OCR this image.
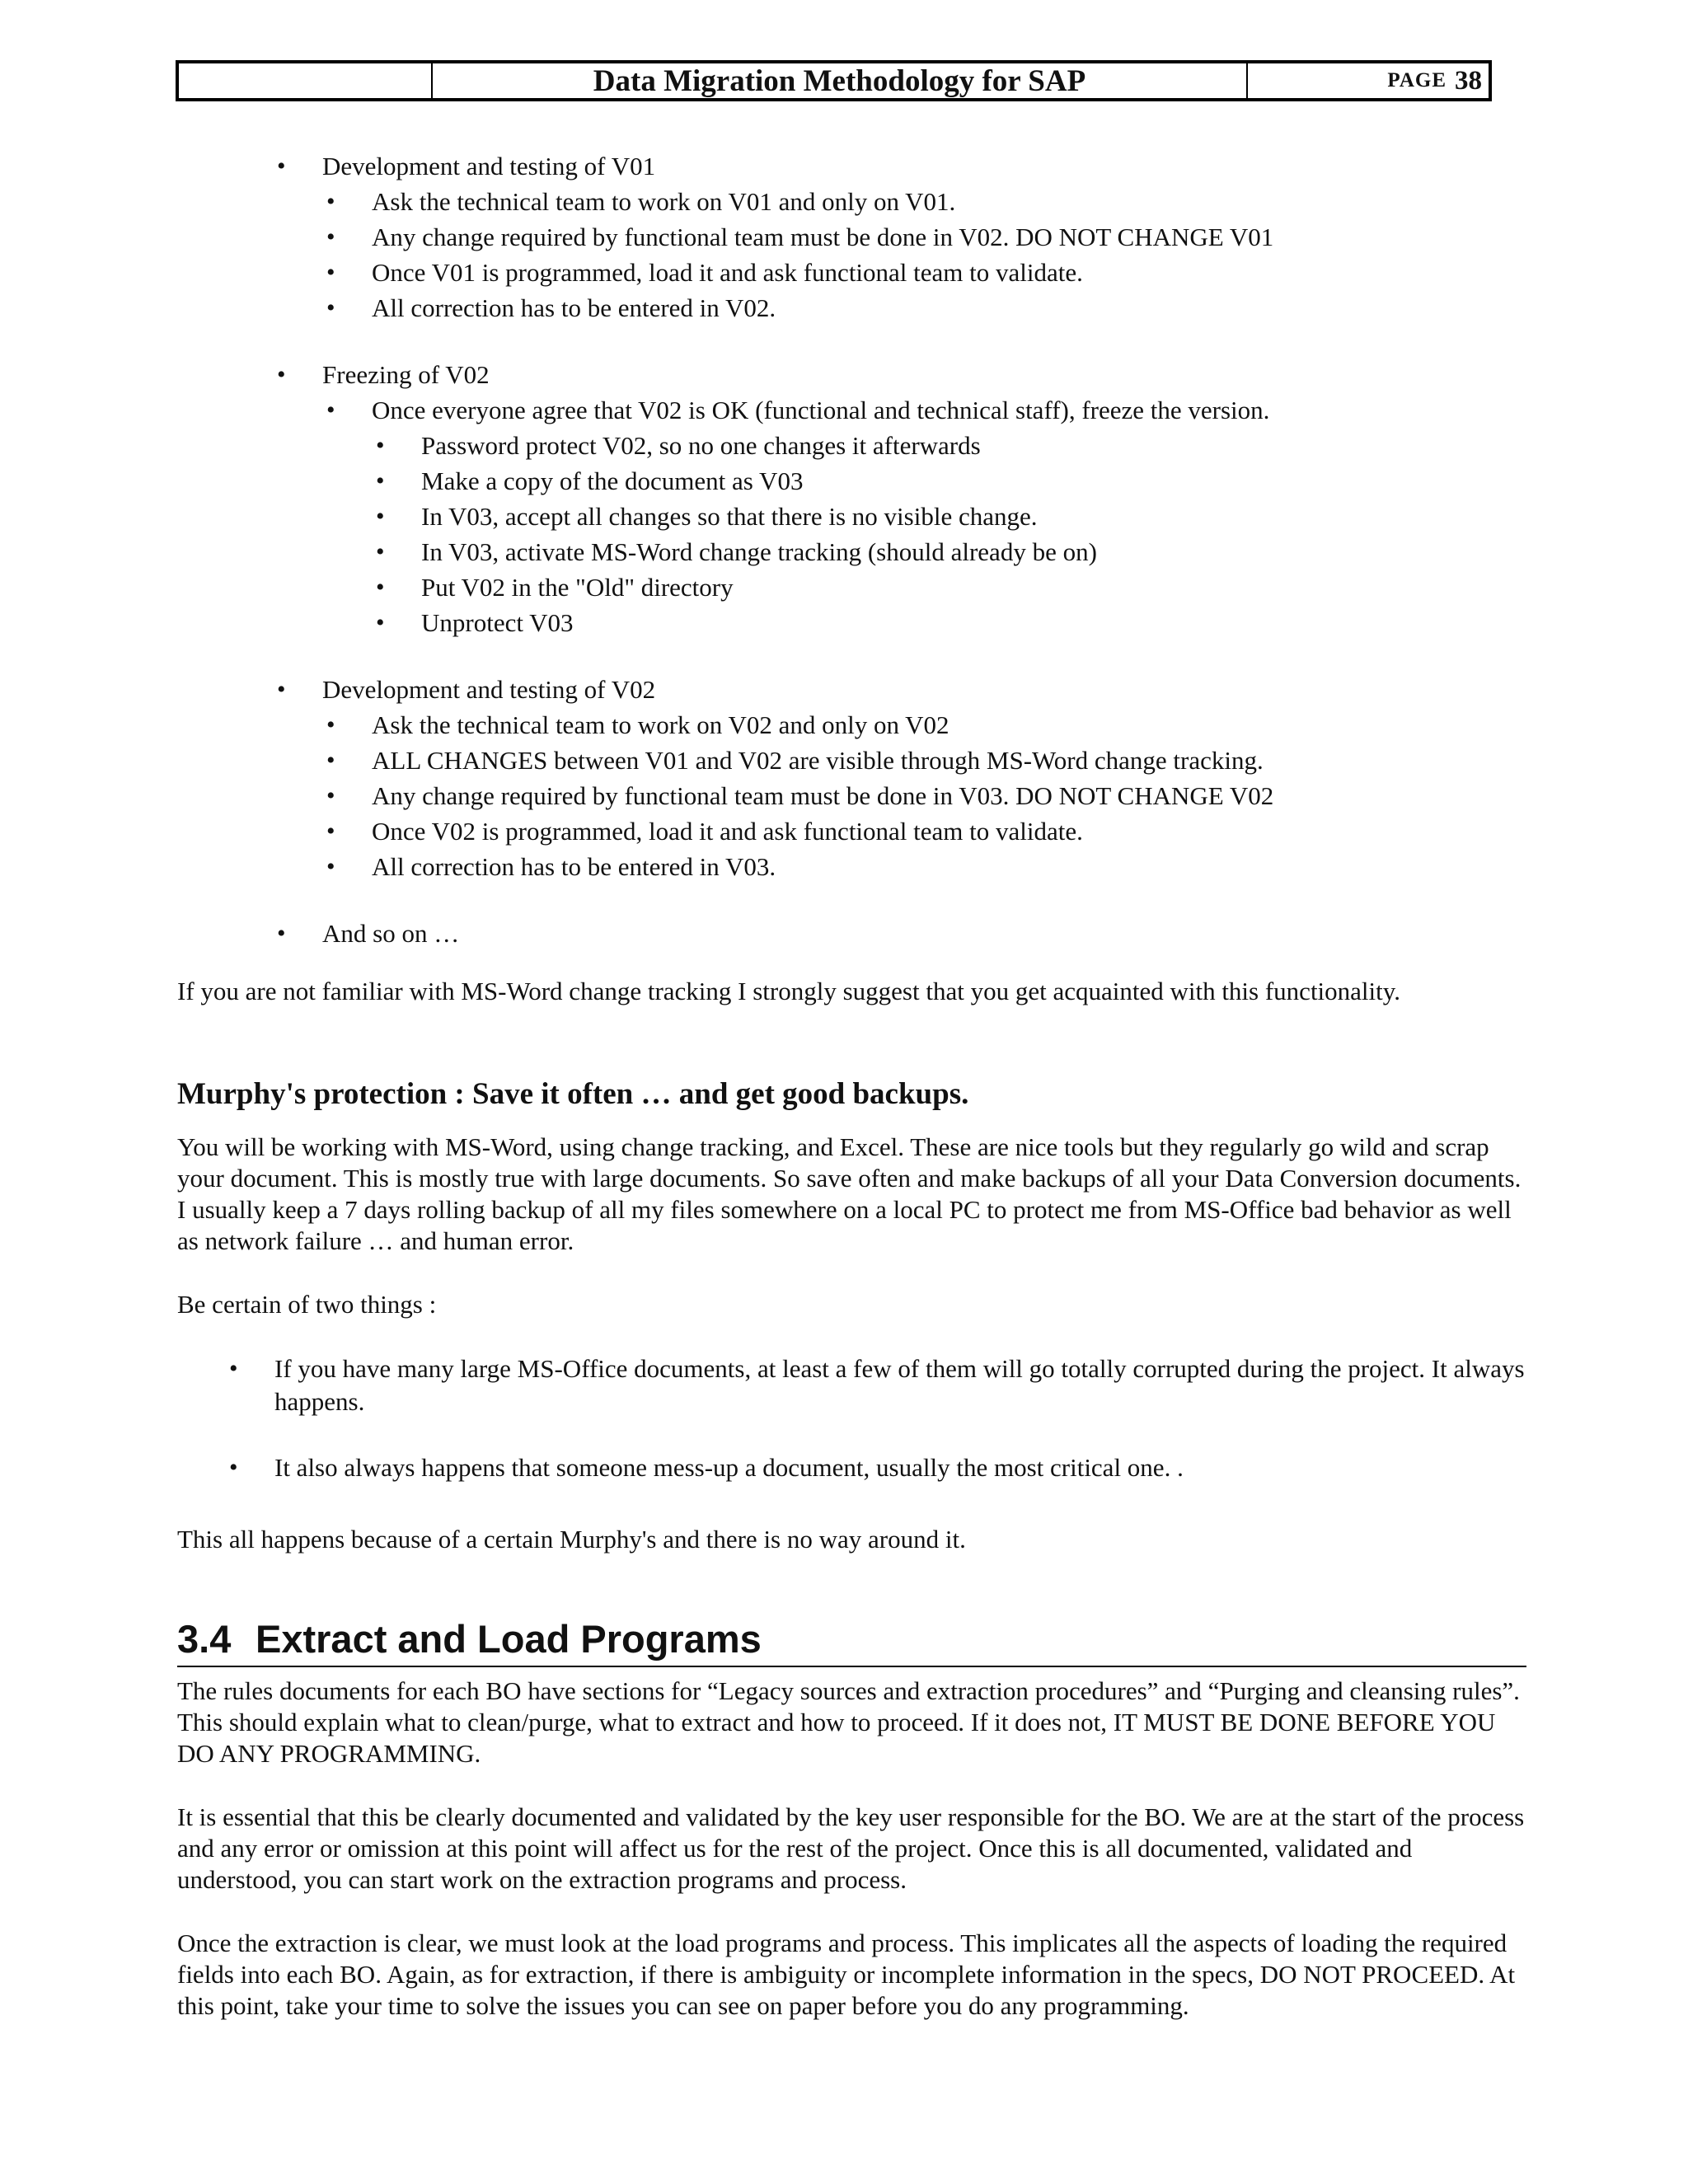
Data Migration Methodology for SAP	PAGE 38
• Development and testing of V01
• Ask the technical team to work on V01 and only on V01.
• Any change required by functional team must be done in V02. DO NOT CHANGE V01
• Once V01 is programmed, load it and ask functional team to validate.
• All correction has to be entered in V02.
• Freezing of V02
• Once everyone agree that V02 is OK (functional and technical staff), freeze the version.
• Password protect V02, so no one changes it afterwards
• Make a copy of the document as V03
• In V03, accept all changes so that there is no visible change.
• In V03, activate MS-Word change tracking (should already be on)
• Put V02 in the "Old" directory
• Unprotect V03
• Development and testing of V02
• Ask the technical team to work on V02 and only on V02
• ALL CHANGES between V01 and V02 are visible through MS-Word change tracking.
• Any change required by functional team must be done in V03. DO NOT CHANGE V02
• Once V02 is programmed, load it and ask functional team to validate.
• All correction has to be entered in V03.
• And so on …

If you are not familiar with MS-Word change tracking I strongly suggest that you get acquainted with this functionality.

Murphy's protection : Save it often … and get good backups.

You will be working with MS-Word, using change tracking, and Excel. These are nice tools but they regularly go wild and scrap your document. This is mostly true with large documents. So save often and make backups of all your Data Conversion documents. I usually keep a 7 days rolling backup of all my files somewhere on a local PC to protect me from MS-Office bad behavior as well as network failure … and human error.

Be certain of two things :

• If you have many large MS-Office documents, at least a few of them will go totally corrupted during the project. It always happens.
• It also always happens that someone mess-up a document, usually the most critical one. .

This all happens because of a certain Murphy's and there is no way around it.

3.4 Extract and Load Programs

The rules documents for each BO have sections for “Legacy sources and extraction procedures” and “Purging and cleansing rules”. This should explain what to clean/purge, what to extract and how to proceed. If it does not, IT MUST BE DONE BEFORE YOU DO ANY PROGRAMMING.

It is essential that this be clearly documented and validated by the key user responsible for the BO. We are at the start of the process and any error or omission at this point will affect us for the rest of the project. Once this is all documented, validated and understood, you can start work on the extraction programs and process.

Once the extraction is clear, we must look at the load programs and process. This implicates all the aspects of loading the required fields into each BO. Again, as for extraction, if there is ambiguity or incomplete information in the specs, DO NOT PROCEED. At this point, take your time to solve the issues you can see on paper before you do any programming.
